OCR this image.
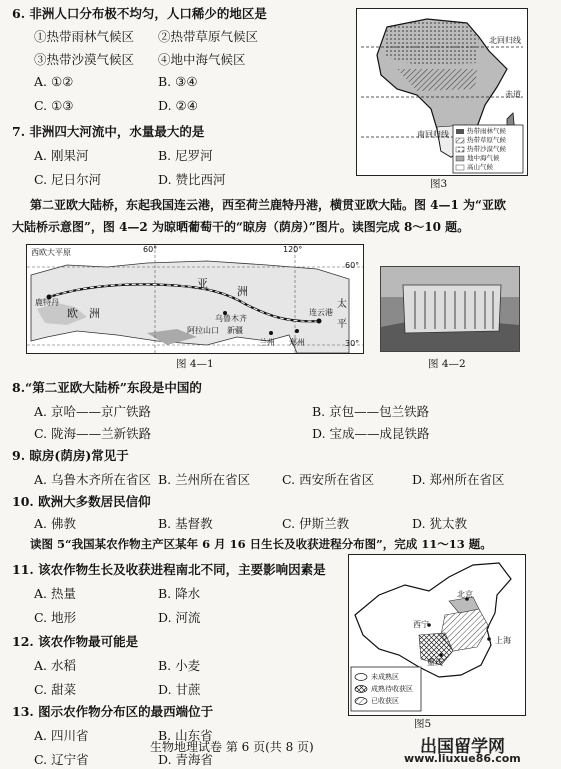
6. 非洲人口分布极不均匀，人口稀少的地区是
①热带雨林气候区 ②热带草原气候区
③热带沙漠气候区 ④地中海气候区
A. ①②	B. ③④
C. ①③	D. ②④
北回归线
赤道
南回归线	热带雨林气候
热带草原气候
热带沙漠气候
地中海气候
高山气候
图3
7. 非洲四大河流中，水量最大的是
A. 刚果河	B. 尼罗河
C. 尼日尔河	D. 赞比西河
第二亚欧大陆桥，东起我国连云港，西至荷兰鹿特丹港，横贯亚欧大陆。图 4—1 为“亚欧
大陆桥示意图”，图 4—2 为晾晒葡萄干的“晾房（荫房）”图片。读图完成 8～10 题。
西欧大平原
鹿特丹
欧 洲
亚
洲
乌鲁木齐
阿拉山口 新疆
兰州 郑州
连云港
太
平
60°	120°
60°
30°
图 4—1	图 4—2
8.“第二亚欧大陆桥”东段是中国的
A. 京哈——京广铁路	B. 京包——包兰铁路
C. 陇海——兰新铁路	D. 宝成——成昆铁路
9. 晾房(荫房)常见于
A. 乌鲁木齐所在省区 B. 兰州所在省区	C. 西安所在省区	D. 郑州所在省区
10. 欧洲大多数居民信仰
A. 佛教	B. 基督教	C. 伊斯兰教	D. 犹太教
读图 5“我国某农作物主产区某年 6 月 16 日生长及收获进程分布图”，完成 11～13 题。
11. 该农作物生长及收获进程南北不同，主要影响因素是
A. 热量	B. 降水
C. 地形	D. 河流
12. 该农作物最可能是
A. 水稻	B. 小麦
C. 甜菜	D. 甘蔗
13. 图示农作物分布区的最西端位于
A. 四川省	B. 山东省
C. 辽宁省	D. 青海省
北京
西宁
重庆
上海
未成熟区
成熟待收获区
已收获区
图5
生物地理试卷 第 6 页(共 8 页)	出国留学网
www.liuxue86.com
